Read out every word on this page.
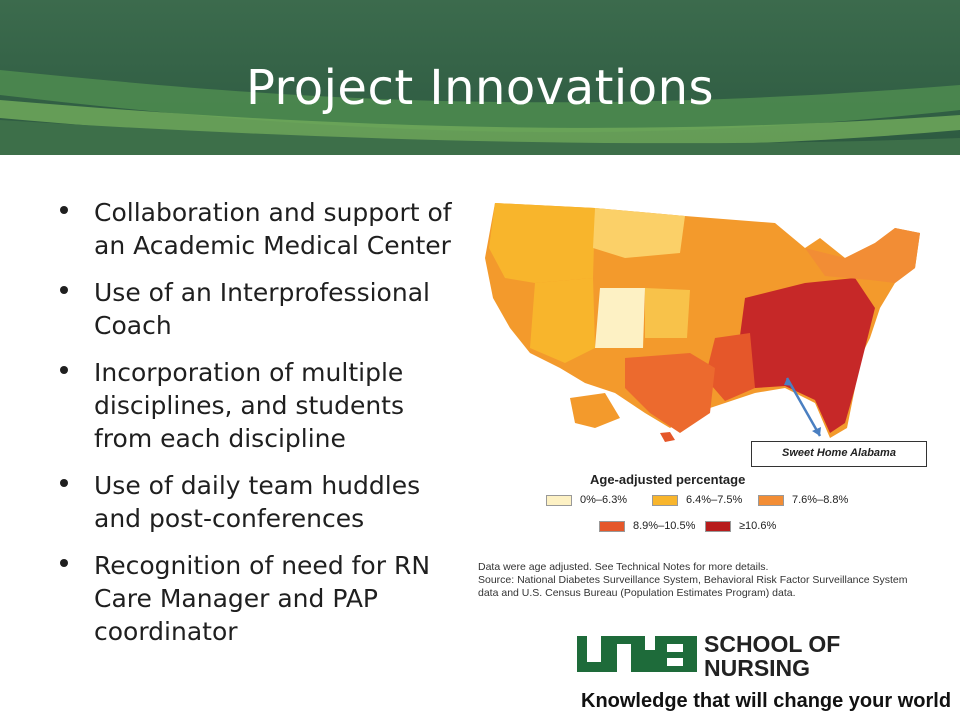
Project Innovations
Collaboration and support of an Academic Medical Center
Use of an Interprofessional Coach
Incorporation of multiple disciplines, and students from each discipline
Use of daily team huddles and post-conferences
Recognition of need for RN Care Manager and PAP coordinator
Sweet Home Alabama
Age-adjusted percentage
0%–6.3%	6.4%–7.5%	7.6%–8.8%
8.9%–10.5%	≥10.6%
Data were age adjusted. See Technical Notes for more details.
Source: National Diabetes Surveillance System, Behavioral Risk Factor Surveillance System data and U.S. Census Bureau (Population Estimates Program) data.
SCHOOL OF
NURSING
Knowledge that will change your world
